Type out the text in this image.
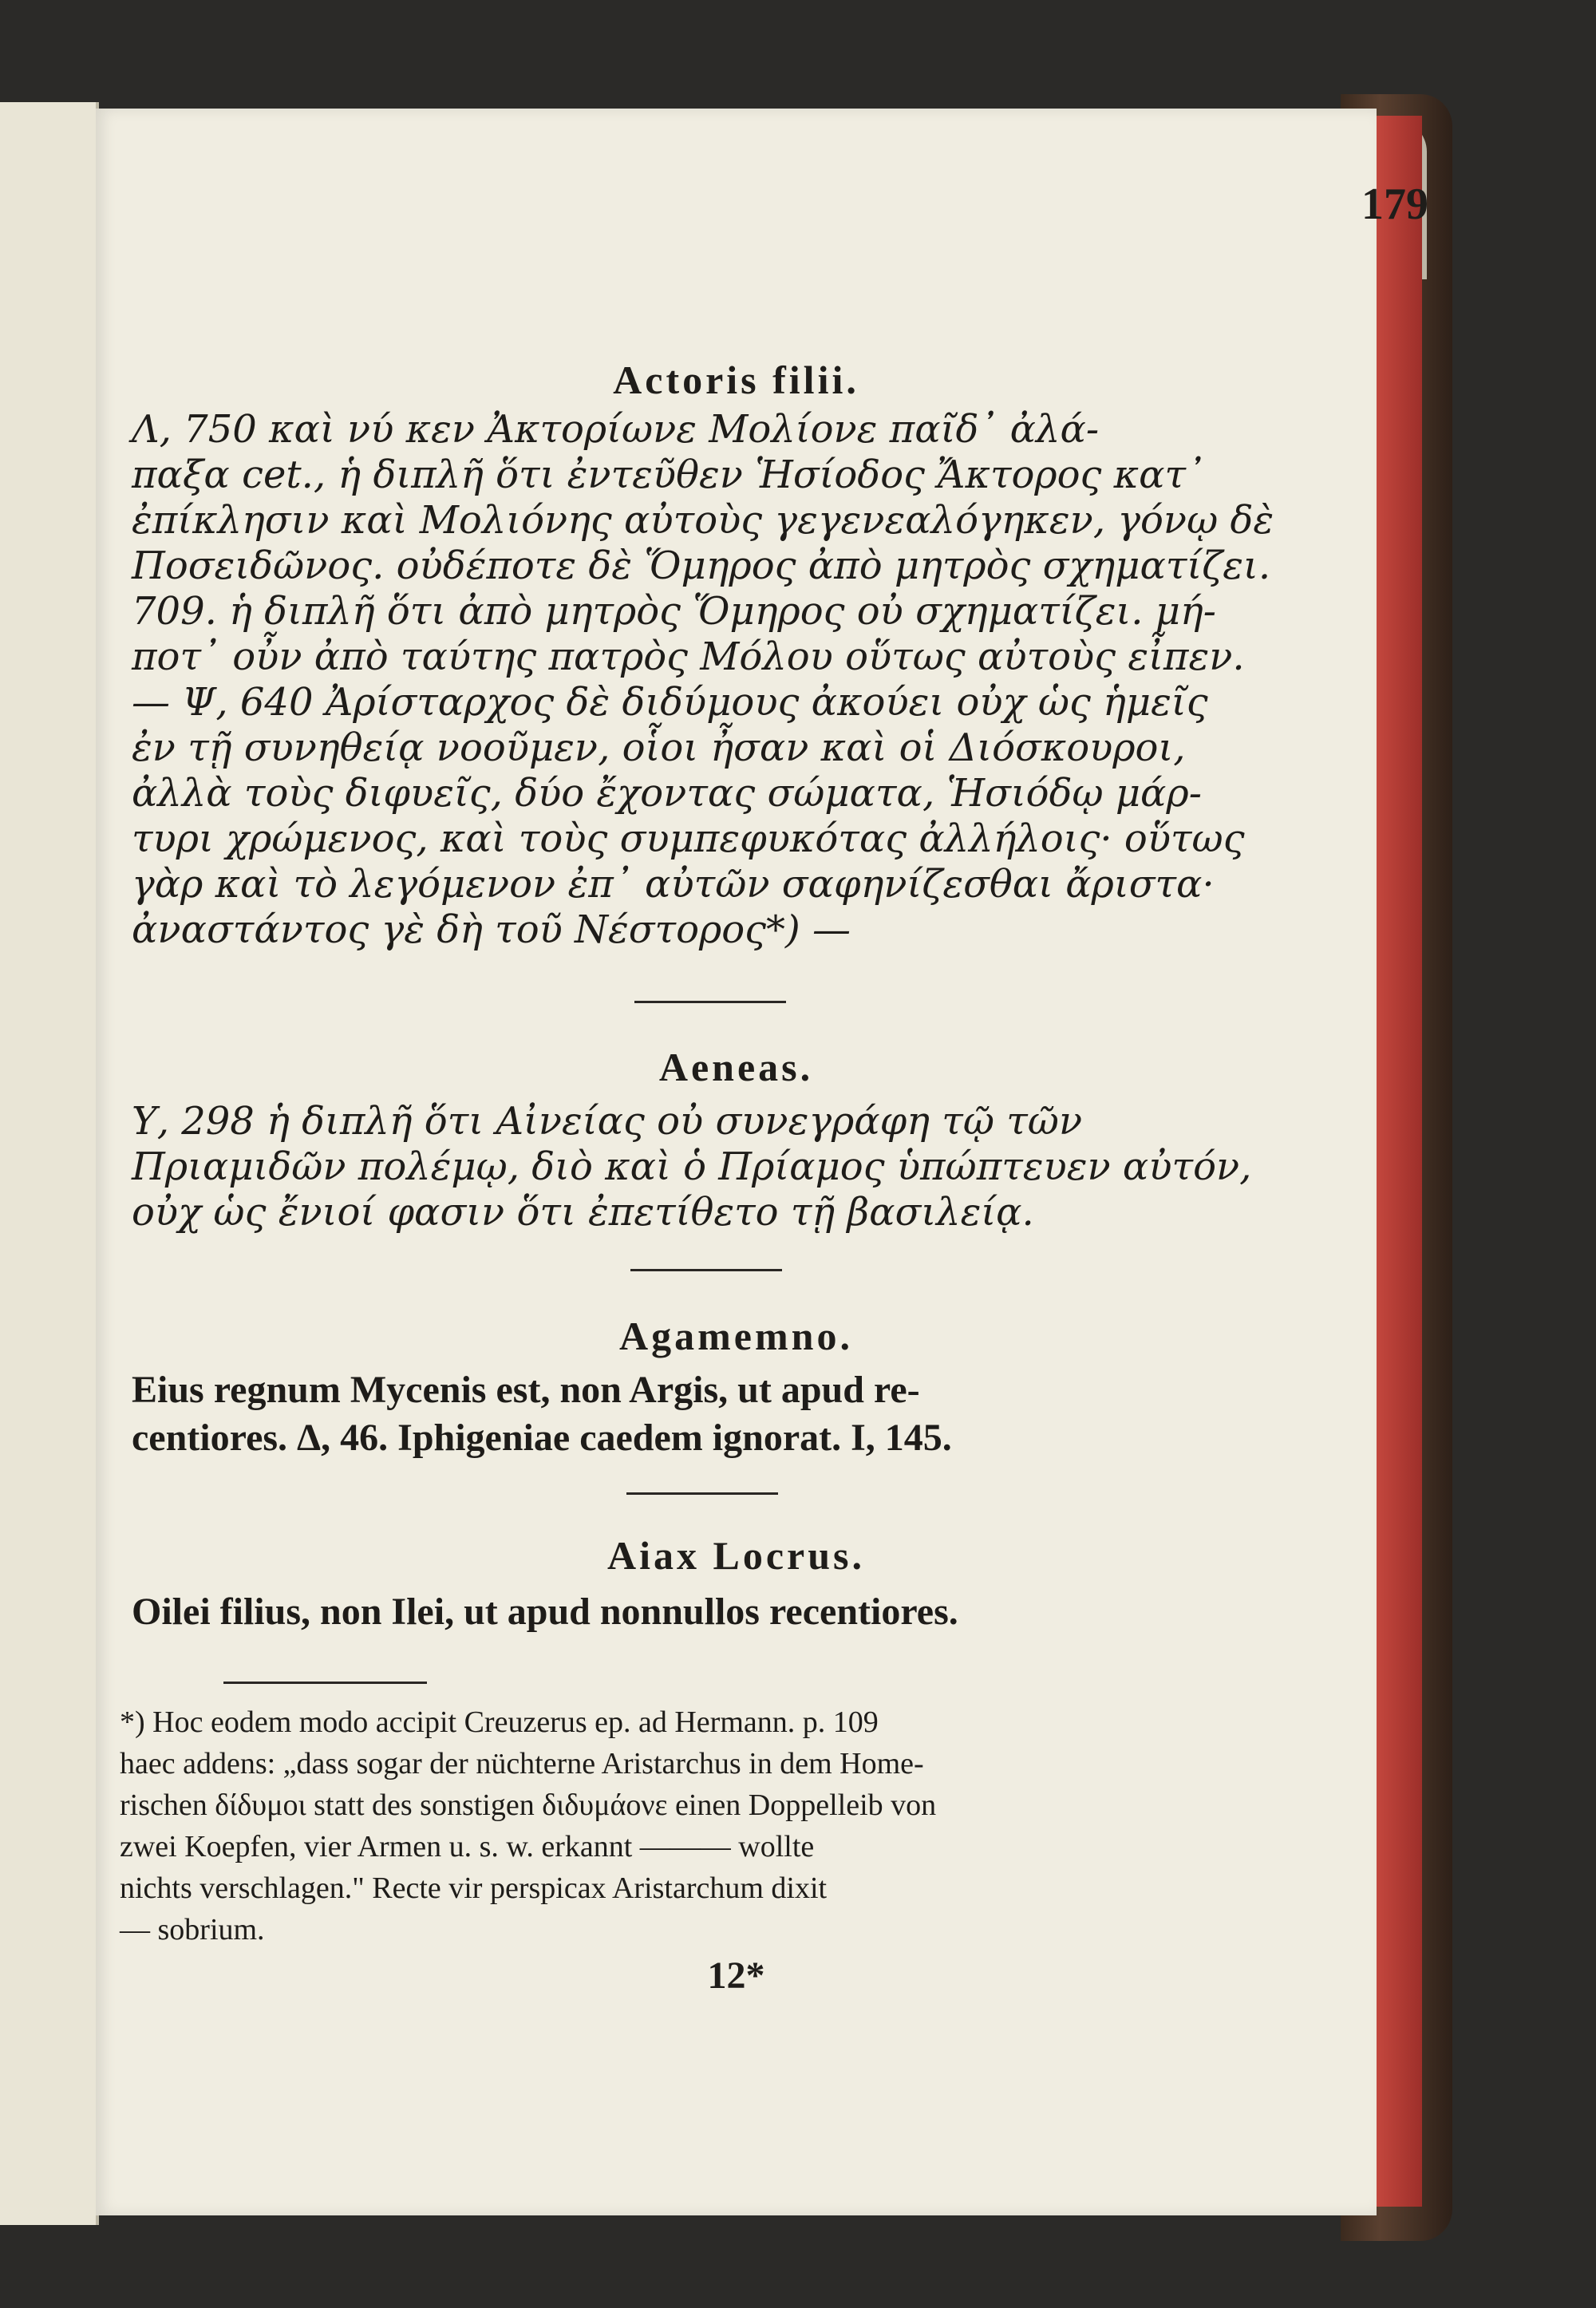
179
Actoris filii.
Λ, 750 καὶ νύ κεν Ἀκτορίωνε Μολίονε παῖδ᾽ ἀλά-
παξα cet., ἡ διπλῆ ὅτι ἐντεῦθεν Ἡσίοδος Ἄκτορος κατ᾽
ἐπίκλησιν καὶ Μολιόνης αὐτοὺς γεγενεαλόγηκεν, γόνῳ δὲ
Ποσειδῶνος. οὐδέποτε δὲ Ὅμηρος ἀπὸ μητρὸς σχηματίζει.
709. ἡ διπλῆ ὅτι ἀπὸ μητρὸς Ὅμηρος οὐ σχηματίζει. μή-
ποτ᾽ οὖν ἀπὸ ταύτης πατρὸς Μόλου οὕτως αὐτοὺς εἶπεν.
— Ψ, 640 Ἀρίσταρχος δὲ διδύμους ἀκούει οὐχ ὡς ἡμεῖς
ἐν τῇ συνηθείᾳ νοοῦμεν, οἷοι ἦσαν καὶ οἱ Διόσκουροι,
ἀλλὰ τοὺς διφυεῖς, δύο ἔχοντας σώματα, Ἡσιόδῳ μάρ-
τυρι χρώμενος, καὶ τοὺς συμπεφυκότας ἀλλήλοις· οὕτως
γὰρ καὶ τὸ λεγόμενον ἐπ᾽ αὐτῶν σαφηνίζεσθαι ἄριστα·
ἀναστάντος γὲ δὴ τοῦ Νέστορος*) —
Aeneas.
Υ, 298 ἡ διπλῆ ὅτι Αἰνείας οὐ συνεγράφη τῷ τῶν
Πριαμιδῶν πολέμῳ, διὸ καὶ ὁ Πρίαμος ὑπώπτευεν αὐτόν,
οὐχ ὡς ἔνιοί φασιν ὅτι ἐπετίθετο τῇ βασιλείᾳ.
Agamemno.
Eius regnum Mycenis est, non Argis, ut apud re-
centiores. Δ, 46. Iphigeniae caedem ignorat. Ι, 145.
Aiax Locrus.
Oilei filius, non Ilei, ut apud nonnullos recentiores.
*) Hoc eodem modo accipit Creuzerus ep. ad Hermann. p. 109
haec addens: „dass sogar der nüchterne Aristarchus in dem Home-
rischen δίδυμοι statt des sonstigen διδυμάονε einen Doppelleib von
zwei Koepfen, vier Armen u. s. w. erkannt ——— wollte
nichts verschlagen." Recte vir perspicax Aristarchum dixit
— sobrium.
12*
